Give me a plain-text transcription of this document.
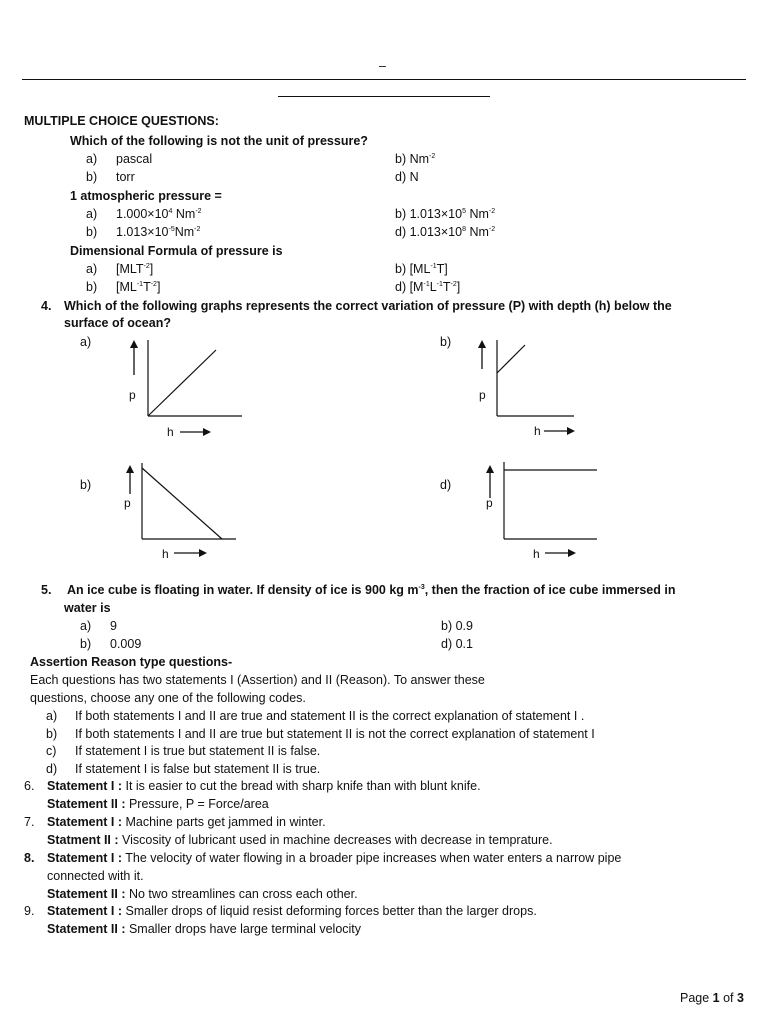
–
MULTIPLE CHOICE QUESTIONS:
Which of the following is not the unit of pressure?
a) pascal	b) $Nm^{-2}$
b) torr	d) N
1 atmospheric pressure =
a) $1.000\times 10^4$ $Nm^{-2}$	b) $1.013\times 10^5$ $Nm^{-2}$
b) $1.013\times 10^{-5}Nm^{-2}$	d) $1.013\times 10^8$ $Nm^{-2}$
Dimensional Formula of pressure is
a) $[MLT^{-2}]$	b) $[ML^{-1}T]$
b) $[ML^{-1}T^{-2}]$	d) $[M^{-1}L^{-1}T^{-2}]$
4. Which of the following graphs represents the correct variation of pressure (P) with depth (h) below the
surface of ocean?
a)
p
h
b)
p
h
b)
p
h
d)
p
h
5. An ice cube is floating in water. If density of ice is 900 kg $m^{-3}$, then the fraction of ice cube immersed in
water is
a) 9	b) 0.9
b) 0.009	d) 0.1
Assertion Reason type questions-
Each questions has two statements I (Assertion) and II (Reason). To answer these
questions, choose any one of the following codes.
a) If both statements I and II are true and statement II is the correct explanation of statement I .
b) If both statements I and II are true but statement II is not the correct explanation of statement I
c) If statement I is true but statement II is false.
d) If statement I is false but statement II is true.
6. Statement I : It is easier to cut the bread with sharp knife than with blunt knife.
Statement II : Pressure, P = Force/area
7. Statement I : Machine parts get jammed in winter.
Statment II : Viscosity of lubricant used in machine decreases with decrease in temprature.
8. Statement I : The velocity of water flowing in a broader pipe increases when water enters a narrow pipe
connected with it.
Statement II : No two streamlines can cross each other.
9. Statement I : Smaller drops of liquid resist deforming forces better than the larger drops.
Statement II : Smaller drops have large terminal velocity
Page 1 of 3
